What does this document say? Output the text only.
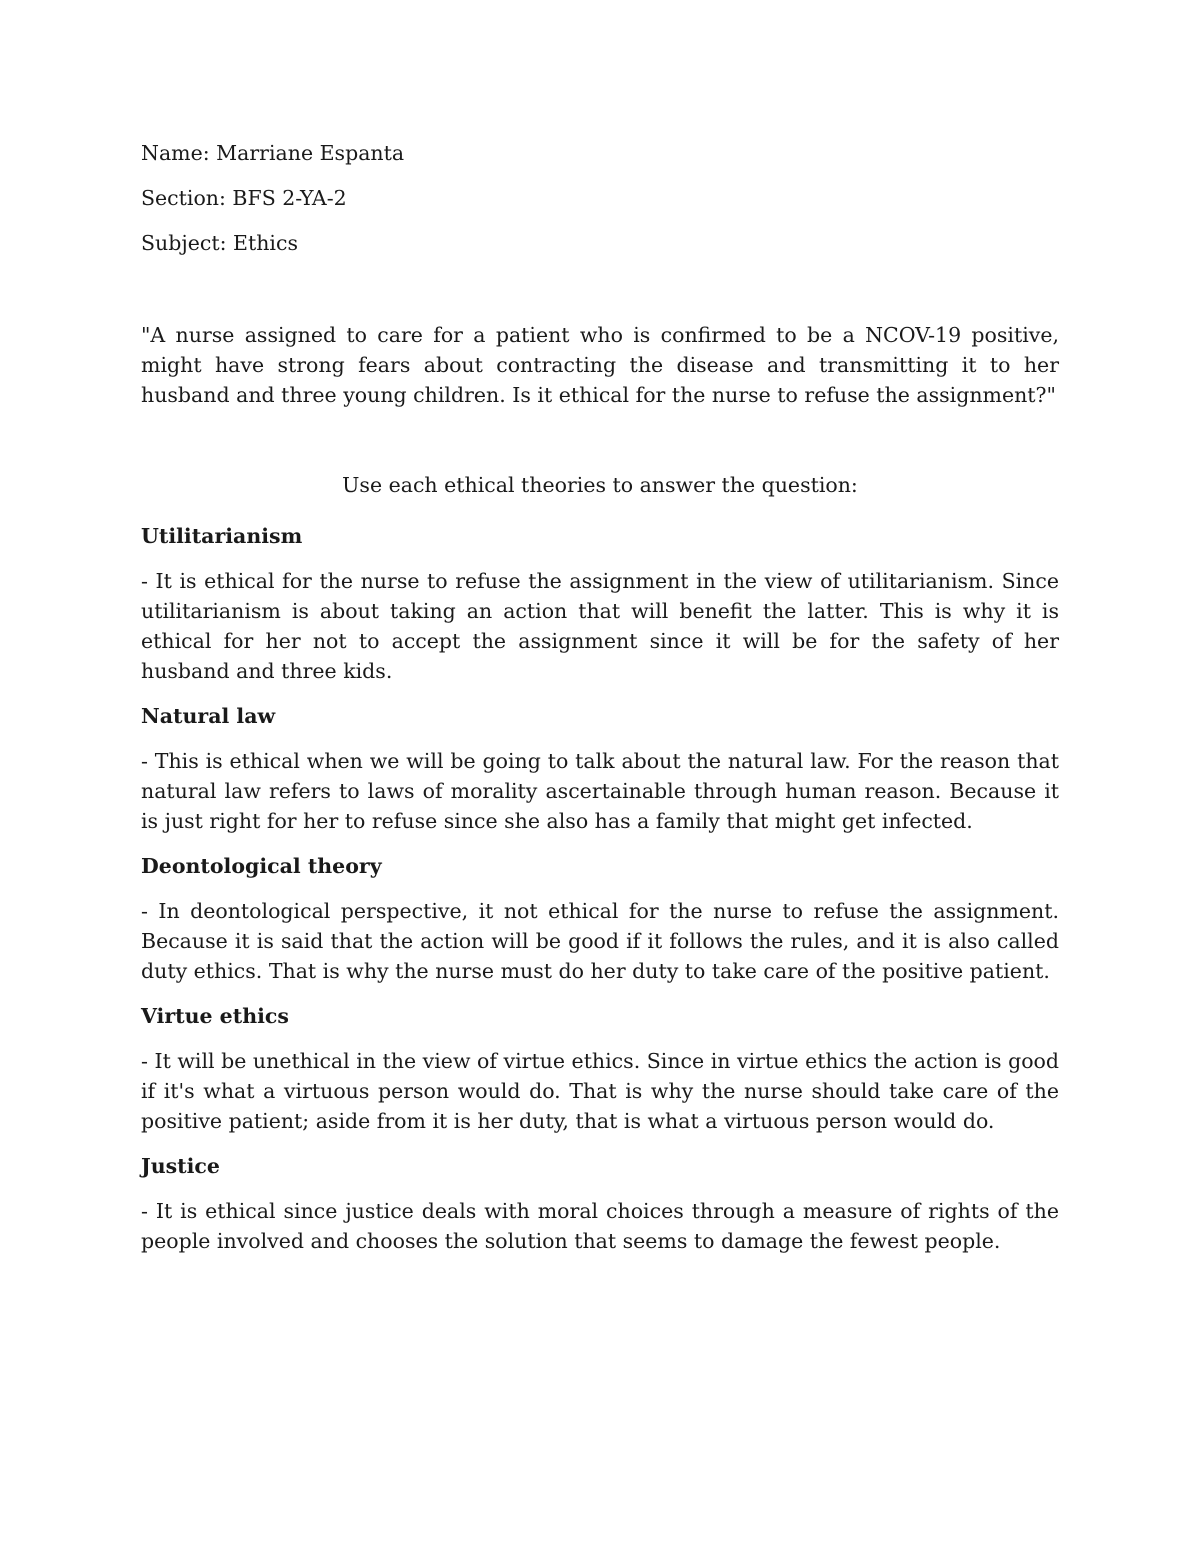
Name: Marriane Espanta

Section: BFS 2-YA-2

Subject: Ethics

"A nurse assigned to care for a patient who is confirmed to be a NCOV-19 positive, might have strong fears about contracting the disease and transmitting it to her husband and three young children. Is it ethical for the nurse to refuse the assignment?"

Use each ethical theories to answer the question:

Utilitarianism

- It is ethical for the nurse to refuse the assignment in the view of utilitarianism. Since utilitarianism is about taking an action that will benefit the latter. This is why it is ethical for her not to accept the assignment since it will be for the safety of her husband and three kids.

Natural law

- This is ethical when we will be going to talk about the natural law. For the reason that natural law refers to laws of morality ascertainable through human reason. Because it is just right for her to refuse since she also has a family that might get infected.

Deontological theory

- In deontological perspective, it not ethical for the nurse to refuse the assignment. Because it is said that the action will be good if it follows the rules, and it is also called duty ethics. That is why the nurse must do her duty to take care of the positive patient.

Virtue ethics

- It will be unethical in the view of virtue ethics. Since in virtue ethics the action is good if it's what a virtuous person would do. That is why the nurse should take care of the positive patient; aside from it is her duty, that is what a virtuous person would do.

Justice

- It is ethical since justice deals with moral choices through a measure of rights of the people involved and chooses the solution that seems to damage the fewest people.
